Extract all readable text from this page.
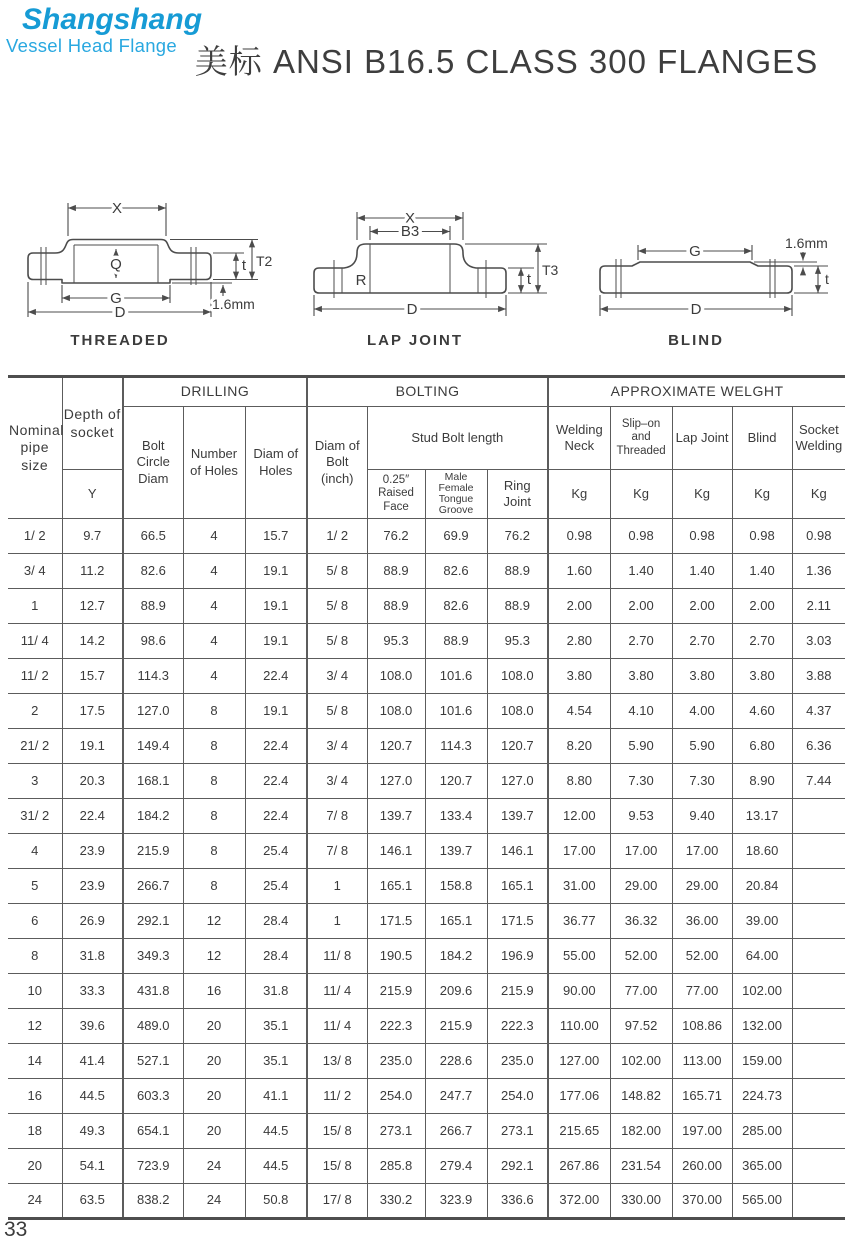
Shangshang
Vessel Head Flange 美标 ANSI B16.5 CLASS 300 FLANGES
X
Q
G
D
t T2
1.6mm
THREADED
R
X
B3
D
t
T3
LAP JOINT
G	1.6mm
t
D
BLIND
Nominal pipe size	Depth of socket	DRILLING			BOLTING				APPROXIMATE WELGHT				
		Bolt Circle Diam	Number of Holes	Diam of Holes	Diam of Bolt (inch)	Stud Bolt length			Welding Neck	Slip–on and Threaded	Lap Joint	Blind	Socket Welding
	Y					0.25″ Raised Face	Male Female Tongue Groove	Ring Joint	Kg	Kg	Kg	Kg	Kg
1/ 2	9.7	66.5	4	15.7	1/ 2	76.2	69.9	76.2	0.98	0.98	0.98	0.98	0.98
3/ 4	11.2	82.6	4	19.1	5/ 8	88.9	82.6	88.9	1.60	1.40	1.40	1.40	1.36
1	12.7	88.9	4	19.1	5/ 8	88.9	82.6	88.9	2.00	2.00	2.00	2.00	2.11
11/ 4	14.2	98.6	4	19.1	5/ 8	95.3	88.9	95.3	2.80	2.70	2.70	2.70	3.03
11/ 2	15.7	114.3	4	22.4	3/ 4	108.0	101.6	108.0	3.80	3.80	3.80	3.80	3.88
2	17.5	127.0	8	19.1	5/ 8	108.0	101.6	108.0	4.54	4.10	4.00	4.60	4.37
21/ 2	19.1	149.4	8	22.4	3/ 4	120.7	114.3	120.7	8.20	5.90	5.90	6.80	6.36
3	20.3	168.1	8	22.4	3/ 4	127.0	120.7	127.0	8.80	7.30	7.30	8.90	7.44
31/ 2	22.4	184.2	8	22.4	7/ 8	139.7	133.4	139.7	12.00	9.53	9.40	13.17	
4	23.9	215.9	8	25.4	7/ 8	146.1	139.7	146.1	17.00	17.00	17.00	18.60	
5	23.9	266.7	8	25.4	1	165.1	158.8	165.1	31.00	29.00	29.00	20.84	
6	26.9	292.1	12	28.4	1	171.5	165.1	171.5	36.77	36.32	36.00	39.00	
8	31.8	349.3	12	28.4	11/ 8	190.5	184.2	196.9	55.00	52.00	52.00	64.00	
10	33.3	431.8	16	31.8	11/ 4	215.9	209.6	215.9	90.00	77.00	77.00	102.00	
12	39.6	489.0	20	35.1	11/ 4	222.3	215.9	222.3	110.00	97.52	108.86	132.00	
14	41.4	527.1	20	35.1	13/ 8	235.0	228.6	235.0	127.00	102.00	113.00	159.00	
16	44.5	603.3	20	41.1	11/ 2	254.0	247.7	254.0	177.06	148.82	165.71	224.73	
18	49.3	654.1	20	44.5	15/ 8	273.1	266.7	273.1	215.65	182.00	197.00	285.00	
20	54.1	723.9	24	44.5	15/ 8	285.8	279.4	292.1	267.86	231.54	260.00	365.00	
24	63.5	838.2	24	50.8	17/ 8	330.2	323.9	336.6	372.00	330.00	370.00	565.00	
33
